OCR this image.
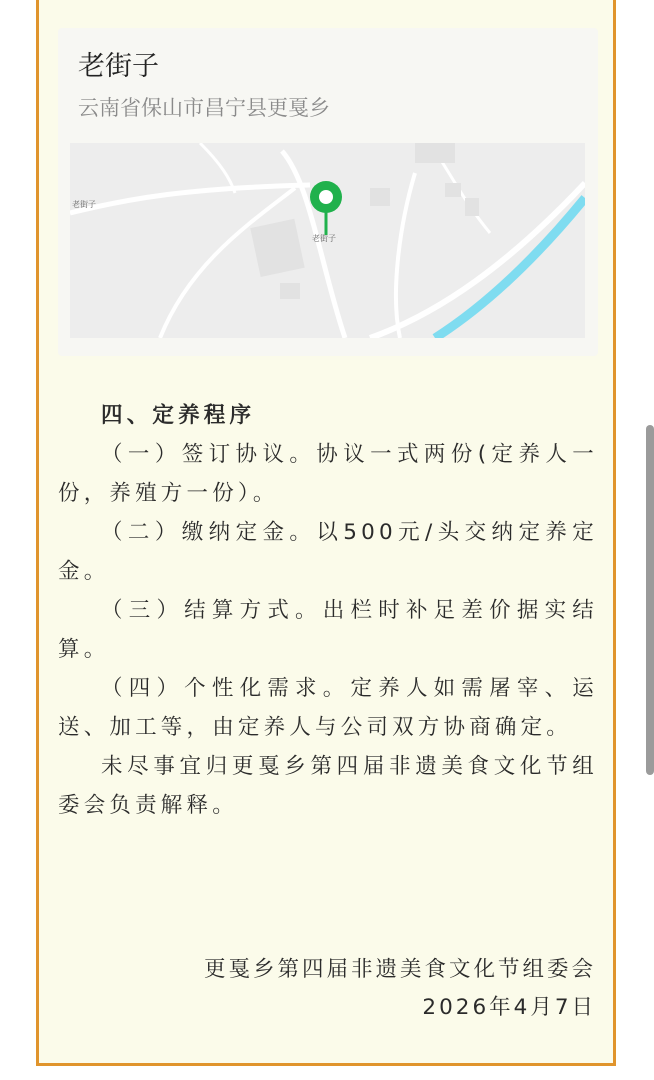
老街子
云南省保山市昌宁县更戛乡
老街子
老街子

四、定养程序

（一）签订协议。协议一式两份(定养人一份，养殖方一份）。

（二）缴纳定金。以500元/头交纳定养定金。

（三）结算方式。出栏时补足差价据实结算。

（四）个性化需求。定养人如需屠宰、运送、加工等，由定养人与公司双方协商确定。

未尽事宜归更戛乡第四届非遗美食文化节组委会负责解释。

更戛乡第四届非遗美食文化节组委会
2026年4月7日
